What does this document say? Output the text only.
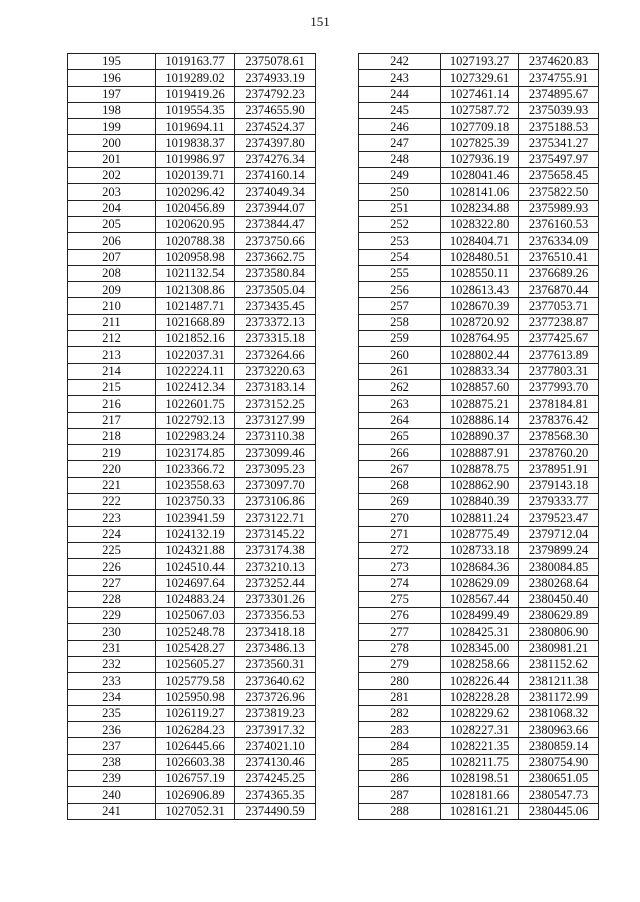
151
195	1019163.77	2375078.61
196	1019289.02	2374933.19
197	1019419.26	2374792.23
198	1019554.35	2374655.90
199	1019694.11	2374524.37
200	1019838.37	2374397.80
201	1019986.97	2374276.34
202	1020139.71	2374160.14
203	1020296.42	2374049.34
204	1020456.89	2373944.07
205	1020620.95	2373844.47
206	1020788.38	2373750.66
207	1020958.98	2373662.75
208	1021132.54	2373580.84
209	1021308.86	2373505.04
210	1021487.71	2373435.45
211	1021668.89	2373372.13
212	1021852.16	2373315.18
213	1022037.31	2373264.66
214	1022224.11	2373220.63
215	1022412.34	2373183.14
216	1022601.75	2373152.25
217	1022792.13	2373127.99
218	1022983.24	2373110.38
219	1023174.85	2373099.46
220	1023366.72	2373095.23
221	1023558.63	2373097.70
222	1023750.33	2373106.86
223	1023941.59	2373122.71
224	1024132.19	2373145.22
225	1024321.88	2373174.38
226	1024510.44	2373210.13
227	1024697.64	2373252.44
228	1024883.24	2373301.26
229	1025067.03	2373356.53
230	1025248.78	2373418.18
231	1025428.27	2373486.13
232	1025605.27	2373560.31
233	1025779.58	2373640.62
234	1025950.98	2373726.96
235	1026119.27	2373819.23
236	1026284.23	2373917.32
237	1026445.66	2374021.10
238	1026603.38	2374130.46
239	1026757.19	2374245.25
240	1026906.89	2374365.35
241	1027052.31	2374490.59
242	1027193.27	2374620.83
243	1027329.61	2374755.91
244	1027461.14	2374895.67
245	1027587.72	2375039.93
246	1027709.18	2375188.53
247	1027825.39	2375341.27
248	1027936.19	2375497.97
249	1028041.46	2375658.45
250	1028141.06	2375822.50
251	1028234.88	2375989.93
252	1028322.80	2376160.53
253	1028404.71	2376334.09
254	1028480.51	2376510.41
255	1028550.11	2376689.26
256	1028613.43	2376870.44
257	1028670.39	2377053.71
258	1028720.92	2377238.87
259	1028764.95	2377425.67
260	1028802.44	2377613.89
261	1028833.34	2377803.31
262	1028857.60	2377993.70
263	1028875.21	2378184.81
264	1028886.14	2378376.42
265	1028890.37	2378568.30
266	1028887.91	2378760.20
267	1028878.75	2378951.91
268	1028862.90	2379143.18
269	1028840.39	2379333.77
270	1028811.24	2379523.47
271	1028775.49	2379712.04
272	1028733.18	2379899.24
273	1028684.36	2380084.85
274	1028629.09	2380268.64
275	1028567.44	2380450.40
276	1028499.49	2380629.89
277	1028425.31	2380806.90
278	1028345.00	2380981.21
279	1028258.66	2381152.62
280	1028226.44	2381211.38
281	1028228.28	2381172.99
282	1028229.62	2381068.32
283	1028227.31	2380963.66
284	1028221.35	2380859.14
285	1028211.75	2380754.90
286	1028198.51	2380651.05
287	1028181.66	2380547.73
288	1028161.21	2380445.06
